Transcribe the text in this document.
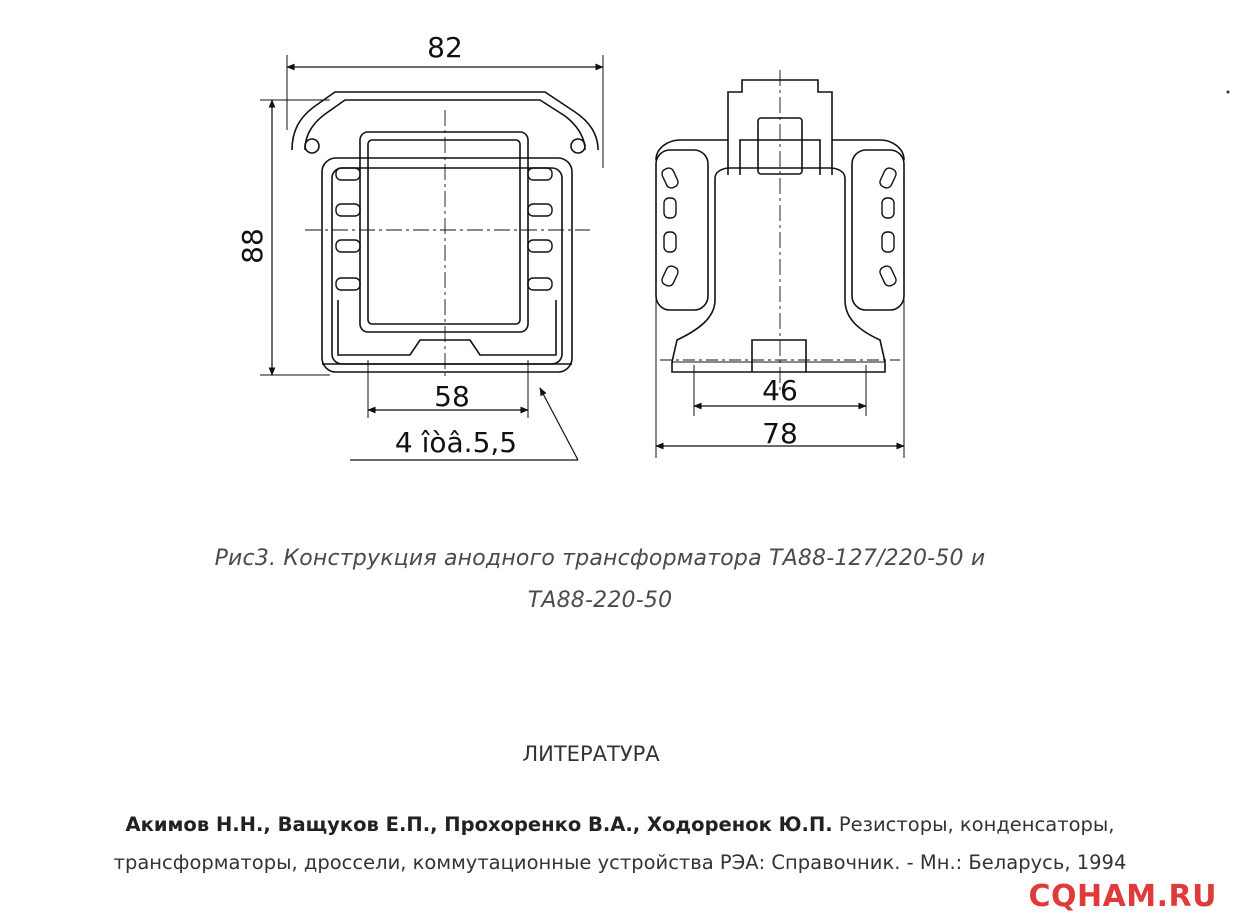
82
88
58
4 îòâ.5,5
46
78
Рис3. Конструкция анодного трансформатора ТА88-127/220-50 и
ТА88-220-50
ЛИТЕРАТУРА
Акимов Н.Н., Ващуков Е.П., Прохоренко В.А., Ходоренок Ю.П. Резисторы, конденсаторы,
трансформаторы, дроссели, коммутационные устройства РЭА: Справочник. - Мн.: Беларусь, 1994
CQHAM.RU
